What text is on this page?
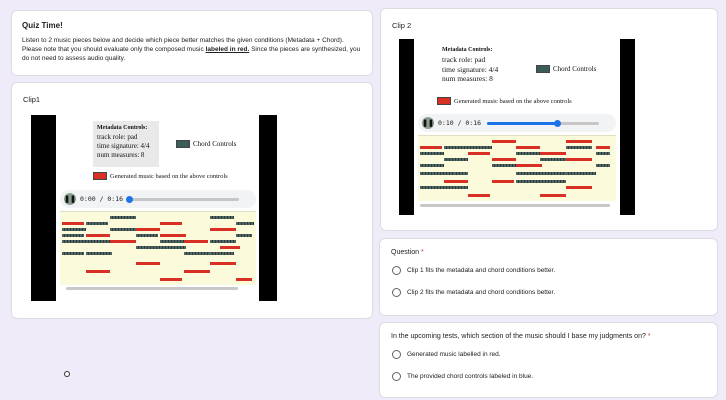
Quiz Time!

Listen to 2 music pieces below and decide which piece better matches the given conditions (Metadata + Chord). Please note that you should evaluate only the composed music labeled in red. Since the pieces are synthesized, you do not need to assess audio quality.

Clip1
Metadata Controls:
track role: pad
time signature: 4/4
num measures: 8
Chord Controls
Generated music based on the above controls
❚❚ 0:00 / 0:16
Clip 2
Metadata Controls:
track role: pad
time signature: 4/4
num measures: 8
Chord Controls
Generated music based on the above controls
❚❚ 0:10 / 0:16
Question *
Clip 1 fits the metadata and chord conditions better.
Clip 2 fits the metadata and chord conditions better.
In the upcoming tests, which section of the music should I base my judgments on? *
Generated music labelled in red.
The provided chord controls labeled in blue.
